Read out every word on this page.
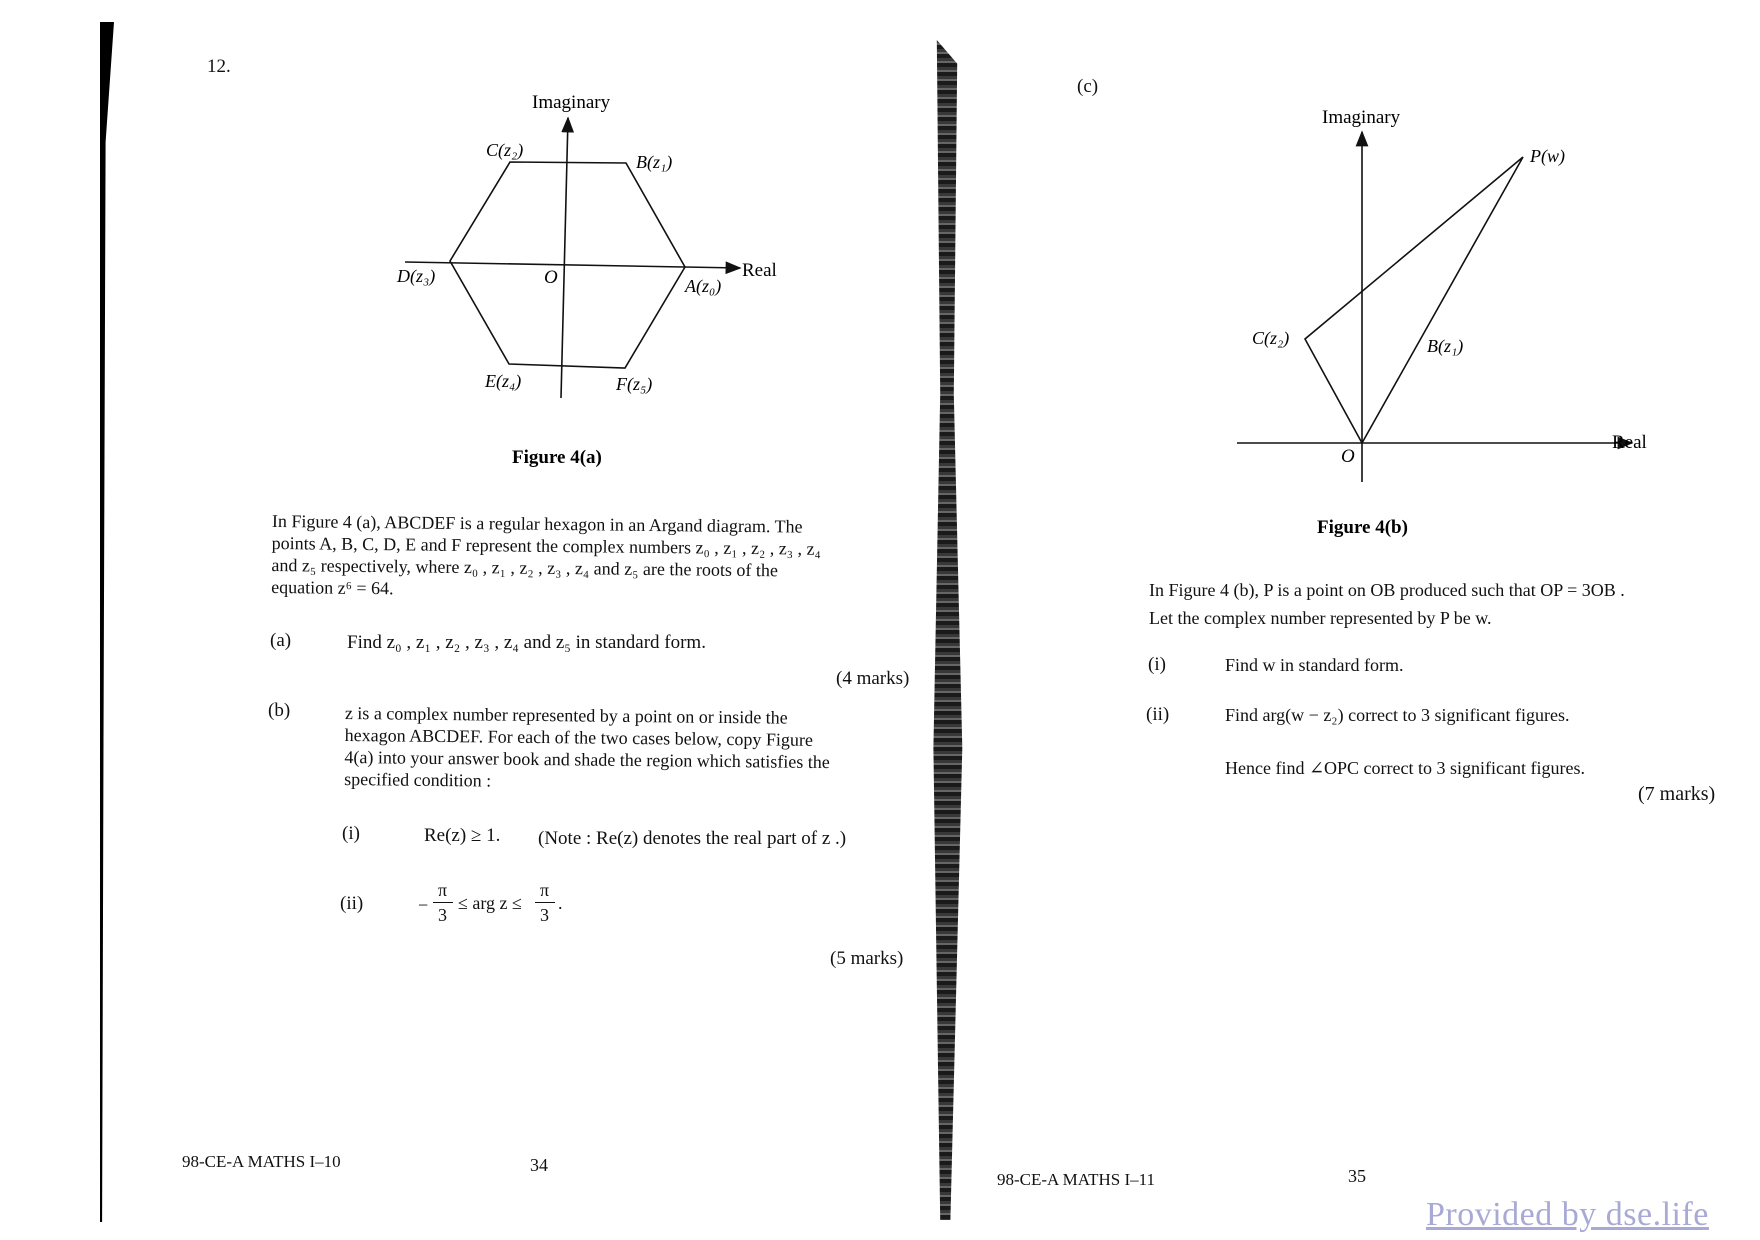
12.
Imaginary
Real
O	A(z₀)
B(z₁)
C(z₂)
D(z₃)
E(z₄)	F(z₅)
Figure 4(a)
In Figure 4 (a), ABCDEF is a regular hexagon in an Argand diagram. The
points A, B, C, D, E and F represent the complex numbers z₀ , z₁ , z₂ , z₃ , z₄
and z₅ respectively, where z₀ , z₁ , z₂ , z₃ , z₄ and z₅ are the roots of the
equation z⁶ = 64.
(a)	Find z₀ , z₁ , z₂ , z₃ , z₄ and z₅ in standard form.
(4 marks)
(b)	z is a complex number represented by a point on or inside the
hexagon ABCDEF. For each of the two cases below, copy Figure
4(a) into your answer book and shade the region which satisfies the
specified condition :
(i)	Re(z) ≥ 1. (Note : Re(z) denotes the real part of z .)
(ii)	−
π
3
≤ arg z ≤
π
3
.
(5 marks)
98-CE-A MATHS I–10	34
(c)
Imaginary
Real
O
P(w)
C(z₂)	B(z₁)
Figure 4(b)
In Figure 4 (b), P is a point on OB produced such that OP = 3OB .
Let the complex number represented by P be w.
(i)	Find w in standard form.
(ii)	Find arg(w − z₂) correct to 3 significant figures.
Hence find ∠OPC correct to 3 significant figures.
(7 marks)
98-CE-A MATHS I–11	35
Provided by dse.life
